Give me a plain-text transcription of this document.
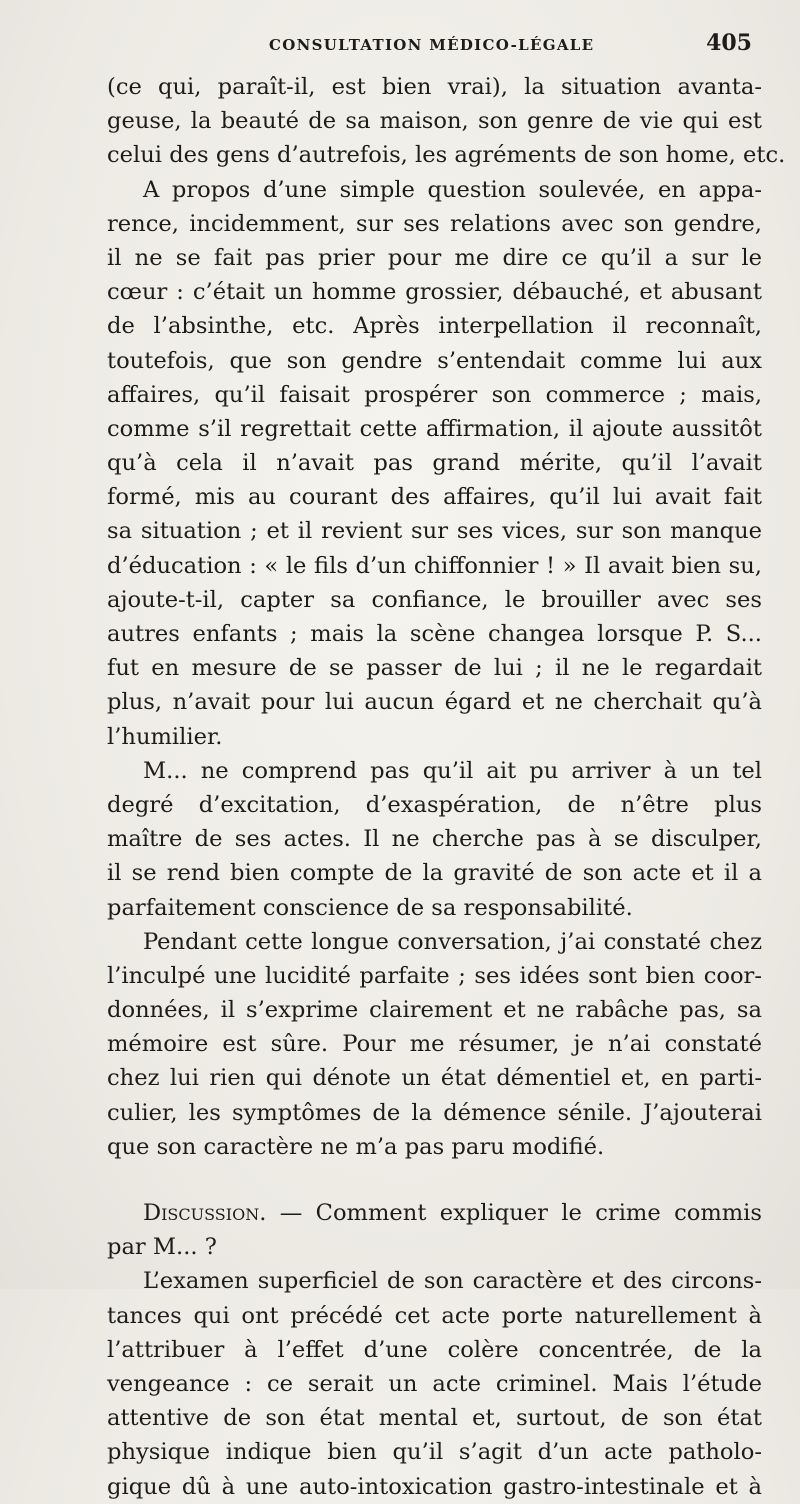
CONSULTATION MÉDICO-LÉGALE	405
(ce qui, paraît-il, est bien vrai), la situation avanta-
geuse, la beauté de sa maison, son genre de vie qui est
celui des gens d’autrefois, les agréments de son home, etc.
A propos d’une simple question soulevée, en appa-
rence, incidemment, sur ses relations avec son gendre,
il ne se fait pas prier pour me dire ce qu’il a sur le
cœur : c’était un homme grossier, débauché, et abusant
de l’absinthe, etc. Après interpellation il reconnaît,
toutefois, que son gendre s’entendait comme lui aux
affaires, qu’il faisait prospérer son commerce ; mais,
comme s’il regrettait cette affirmation, il ajoute aussitôt
qu’à cela il n’avait pas grand mérite, qu’il l’avait
formé, mis au courant des affaires, qu’il lui avait fait
sa situation ; et il revient sur ses vices, sur son manque
d’éducation : « le fils d’un chiffonnier ! » Il avait bien su,
ajoute-t-il, capter sa confiance, le brouiller avec ses
autres enfants ; mais la scène changea lorsque P. S...
fut en mesure de se passer de lui ; il ne le regardait
plus, n’avait pour lui aucun égard et ne cherchait qu’à
l’humilier.
M... ne comprend pas qu’il ait pu arriver à un tel
degré d’excitation, d’exaspération, de n’être plus
maître de ses actes. Il ne cherche pas à se disculper,
il se rend bien compte de la gravité de son acte et il a
parfaitement conscience de sa responsabilité.
Pendant cette longue conversation, j’ai constaté chez
l’inculpé une lucidité parfaite ; ses idées sont bien coor-
données, il s’exprime clairement et ne rabâche pas, sa
mémoire est sûre. Pour me résumer, je n’ai constaté
chez lui rien qui dénote un état démentiel et, en parti-
culier, les symptômes de la démence sénile. J’ajouterai
que son caractère ne m’a pas paru modifié.
Discussion. — Comment expliquer le crime commis
par M... ?
L’examen superficiel de son caractère et des circons-
tances qui ont précédé cet acte porte naturellement à
l’attribuer à l’effet d’une colère concentrée, de la
vengeance : ce serait un acte criminel. Mais l’étude
attentive de son état mental et, surtout, de son état
physique indique bien qu’il s’agit d’un acte patholo-
gique dû à une auto-intoxication gastro-intestinale et à
